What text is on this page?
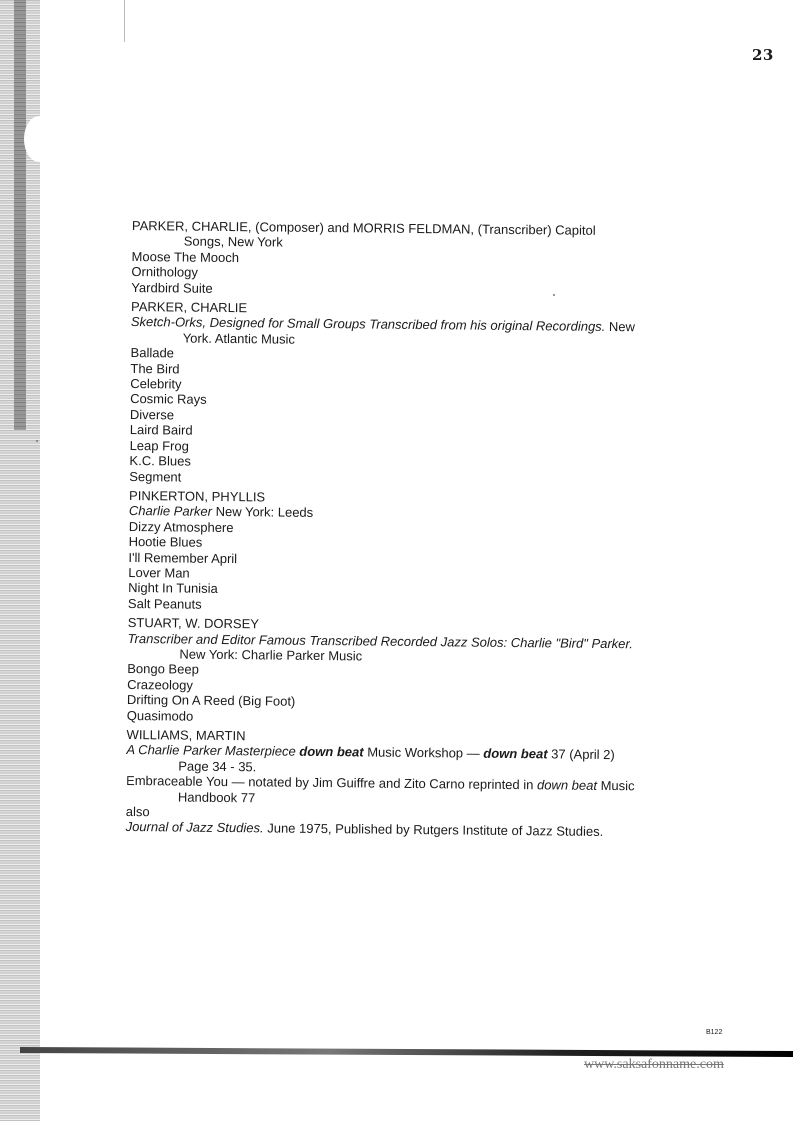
23

PARKER, CHARLIE, (Composer) and MORRIS FELDMAN, (Transcriber) Capitol

Songs, New York

Moose The Mooch
Ornithology
Yardbird Suite

PARKER, CHARLIE

Sketch-Orks, Designed for Small Groups Transcribed from his original Recordings. New York. Atlantic Music

Ballade
The Bird
Celebrity
Cosmic Rays
Diverse
Laird Baird
Leap Frog
K.C. Blues
Segment

PINKERTON, PHYLLIS

Charlie Parker New York: Leeds

Dizzy Atmosphere
Hootie Blues
I'll Remember April
Lover Man
Night In Tunisia
Salt Peanuts

STUART, W. DORSEY

Transcriber and Editor Famous Transcribed Recorded Jazz Solos: Charlie "Bird" Parker. New York: Charlie Parker Music

Bongo Beep
Crazeology
Drifting On A Reed (Big Foot)
Quasimodo

WILLIAMS, MARTIN

A Charlie Parker Masterpiece down beat Music Workshop — down beat 37 (April 2) Page 34 - 35.

Embraceable You — notated by Jim Guiffre and Zito Carno reprinted in down beat Music Handbook 77

also

Journal of Jazz Studies. June 1975, Published by Rutgers Institute of Jazz Studies.

B122
www.saksafonname.com
